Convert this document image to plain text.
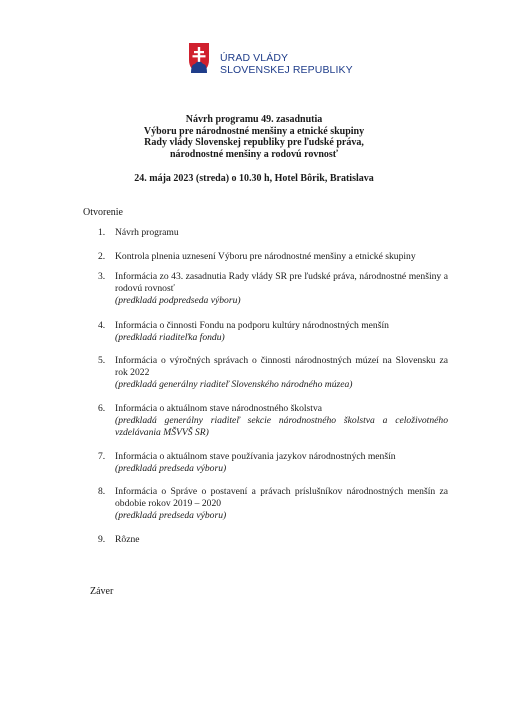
ÚRAD VLÁDY
SLOVENSKEJ REPUBLIKY
Návrh programu 49. zasadnutia
Výboru pre národnostné menšiny a etnické skupiny
Rady vlády Slovenskej republiky pre ľudské práva,
národnostné menšiny a rodovú rovnosť
24. mája 2023 (streda) o 10.30 h, Hotel Bôrik, Bratislava
Otvorenie
1.	Návrh programu
2.	Kontrola plnenia uznesení Výboru pre národnostné menšiny a etnické skupiny
3.	Informácia zo 43. zasadnutia Rady vlády SR pre ľudské práva, národnostné menšiny a rodovú rovnosť
(predkladá podpredseda výboru)
4.	Informácia o činnosti Fondu na podporu kultúry národnostných menšín
(predkladá riaditeľka fondu)
5.	Informácia o výročných správach o činnosti národnostných múzeí na Slovensku za rok 2022
(predkladá generálny riaditeľ Slovenského národného múzea)
6.	Informácia o aktuálnom stave národnostného školstva
(predkladá generálny riaditeľ sekcie národnostného školstva a celoživotného vzdelávania MŠVVŠ SR)
7.	Informácia o aktuálnom stave používania jazykov národnostných menšín
(predkladá predseda výboru)
8.	Informácia o Správe o postavení a právach príslušníkov národnostných menšín za obdobie rokov 2019 – 2020
(predkladá predseda výboru)
9.	Rôzne
Záver
